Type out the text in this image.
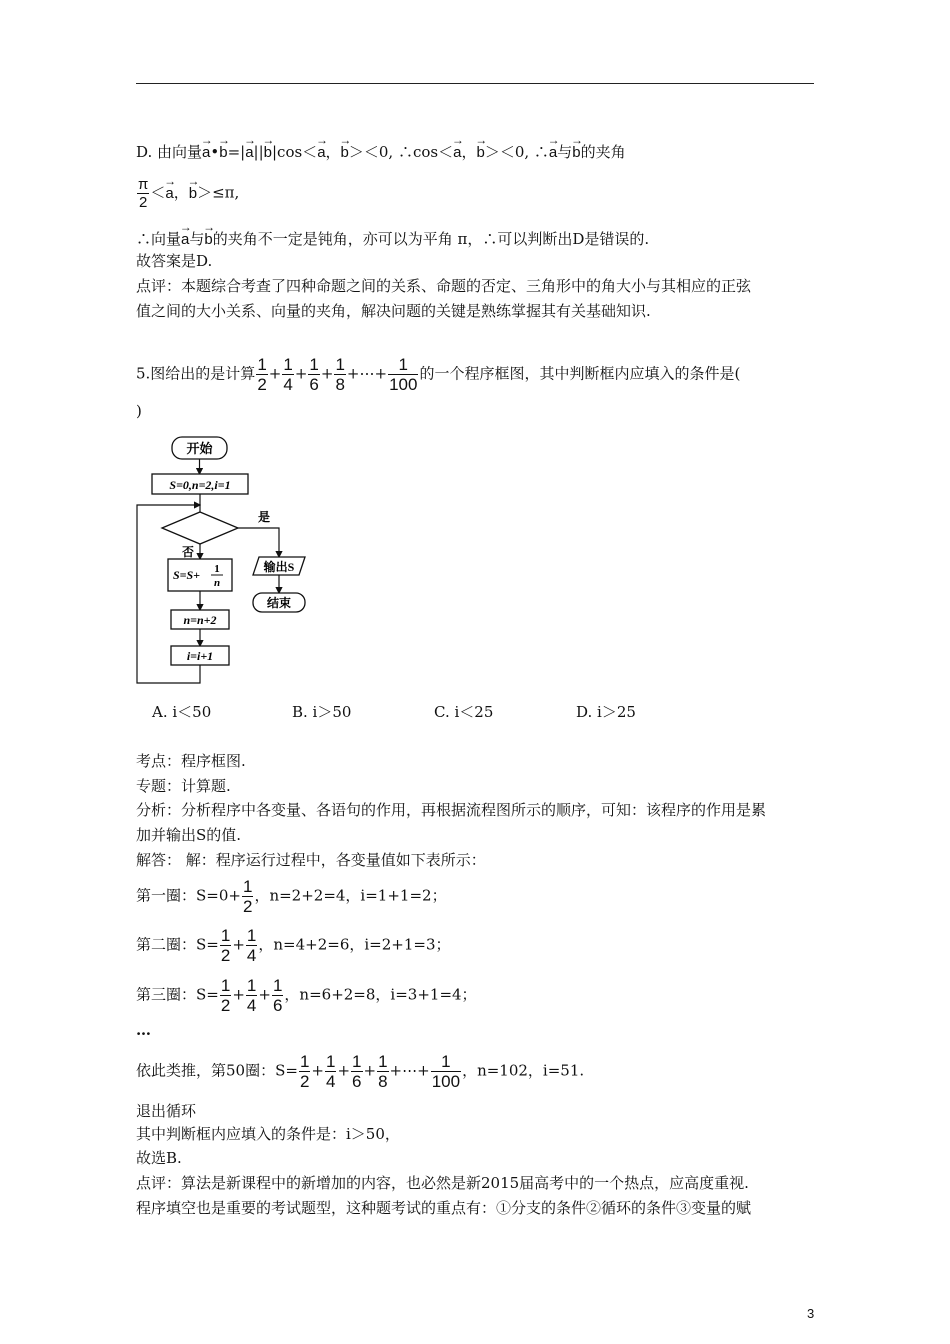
D. 由向量→ a•→ b=|→ a||→ b|cos＜→ a，→ b＞＜0, ∴cos＜→ a，→ b＞＜0, ∴→ a与→ b的夹角
$\frac{\pi}{2} <\to a$，→ b＞≤π,
∴向量→ a与→ b的夹角不一定是钝角，亦可以为平角 π，∴可以判断出D是错误的.
故答案是D.
点评：本题综合考查了四种命题之间的关系、命题的否定、三角形中的角大小与其相应的正弦
值之间的大小关系、向量的夹角，解决问题的关键是熟练掌握其有关基础知识.
5.图给出的是计算 $\frac{1}{2} + \frac{1}{4} + \frac{1}{6} + \frac{1}{8}$ +⋯+ $\frac{1}{100}$ 的一个程序框图，其中判断框内应填入的条件是(
)
开始
S=0,n=2,i=1
是
否
输出S
结束
S=S+ 1
n
n=n+2
i=i+1
A. i＜50	B. i＞50	C. i＜25	D. i＞25
考点：程序框图.
专题：计算题.
分析：分析程序中各变量、各语句的作用，再根据流程图所示的顺序，可知：该程序的作用是累
加并输出S的值.
解答： 解：程序运行过程中，各变量值如下表所示：
第一圈：$S=0+ \frac{1}{2}$ ，n=2+2=4，i=1+1=2；
第二圈：$S= \frac{1}{2} + \frac{1}{4}$ ，n=4+2=6，i=2+1=3；
第三圈：$S= \frac{1}{2} + \frac{1}{4} + \frac{1}{6}$ ，n=6+2=8，i=3+1=4；
…
依此类推，第50圈：$S= \frac{1}{2} + \frac{1}{4} + \frac{1}{6} + \frac{1}{8}$ +⋯+ $\frac{1}{100}$ ，n=102，i=51.
退出循环
其中判断框内应填入的条件是：i＞50，
故选B.
点评：算法是新课程中的新增加的内容，也必然是新2015届高考中的一个热点，应高度重视.
程序填空也是重要的考试题型，这种题考试的重点有：①分支的条件②循环的条件③变量的赋
3
